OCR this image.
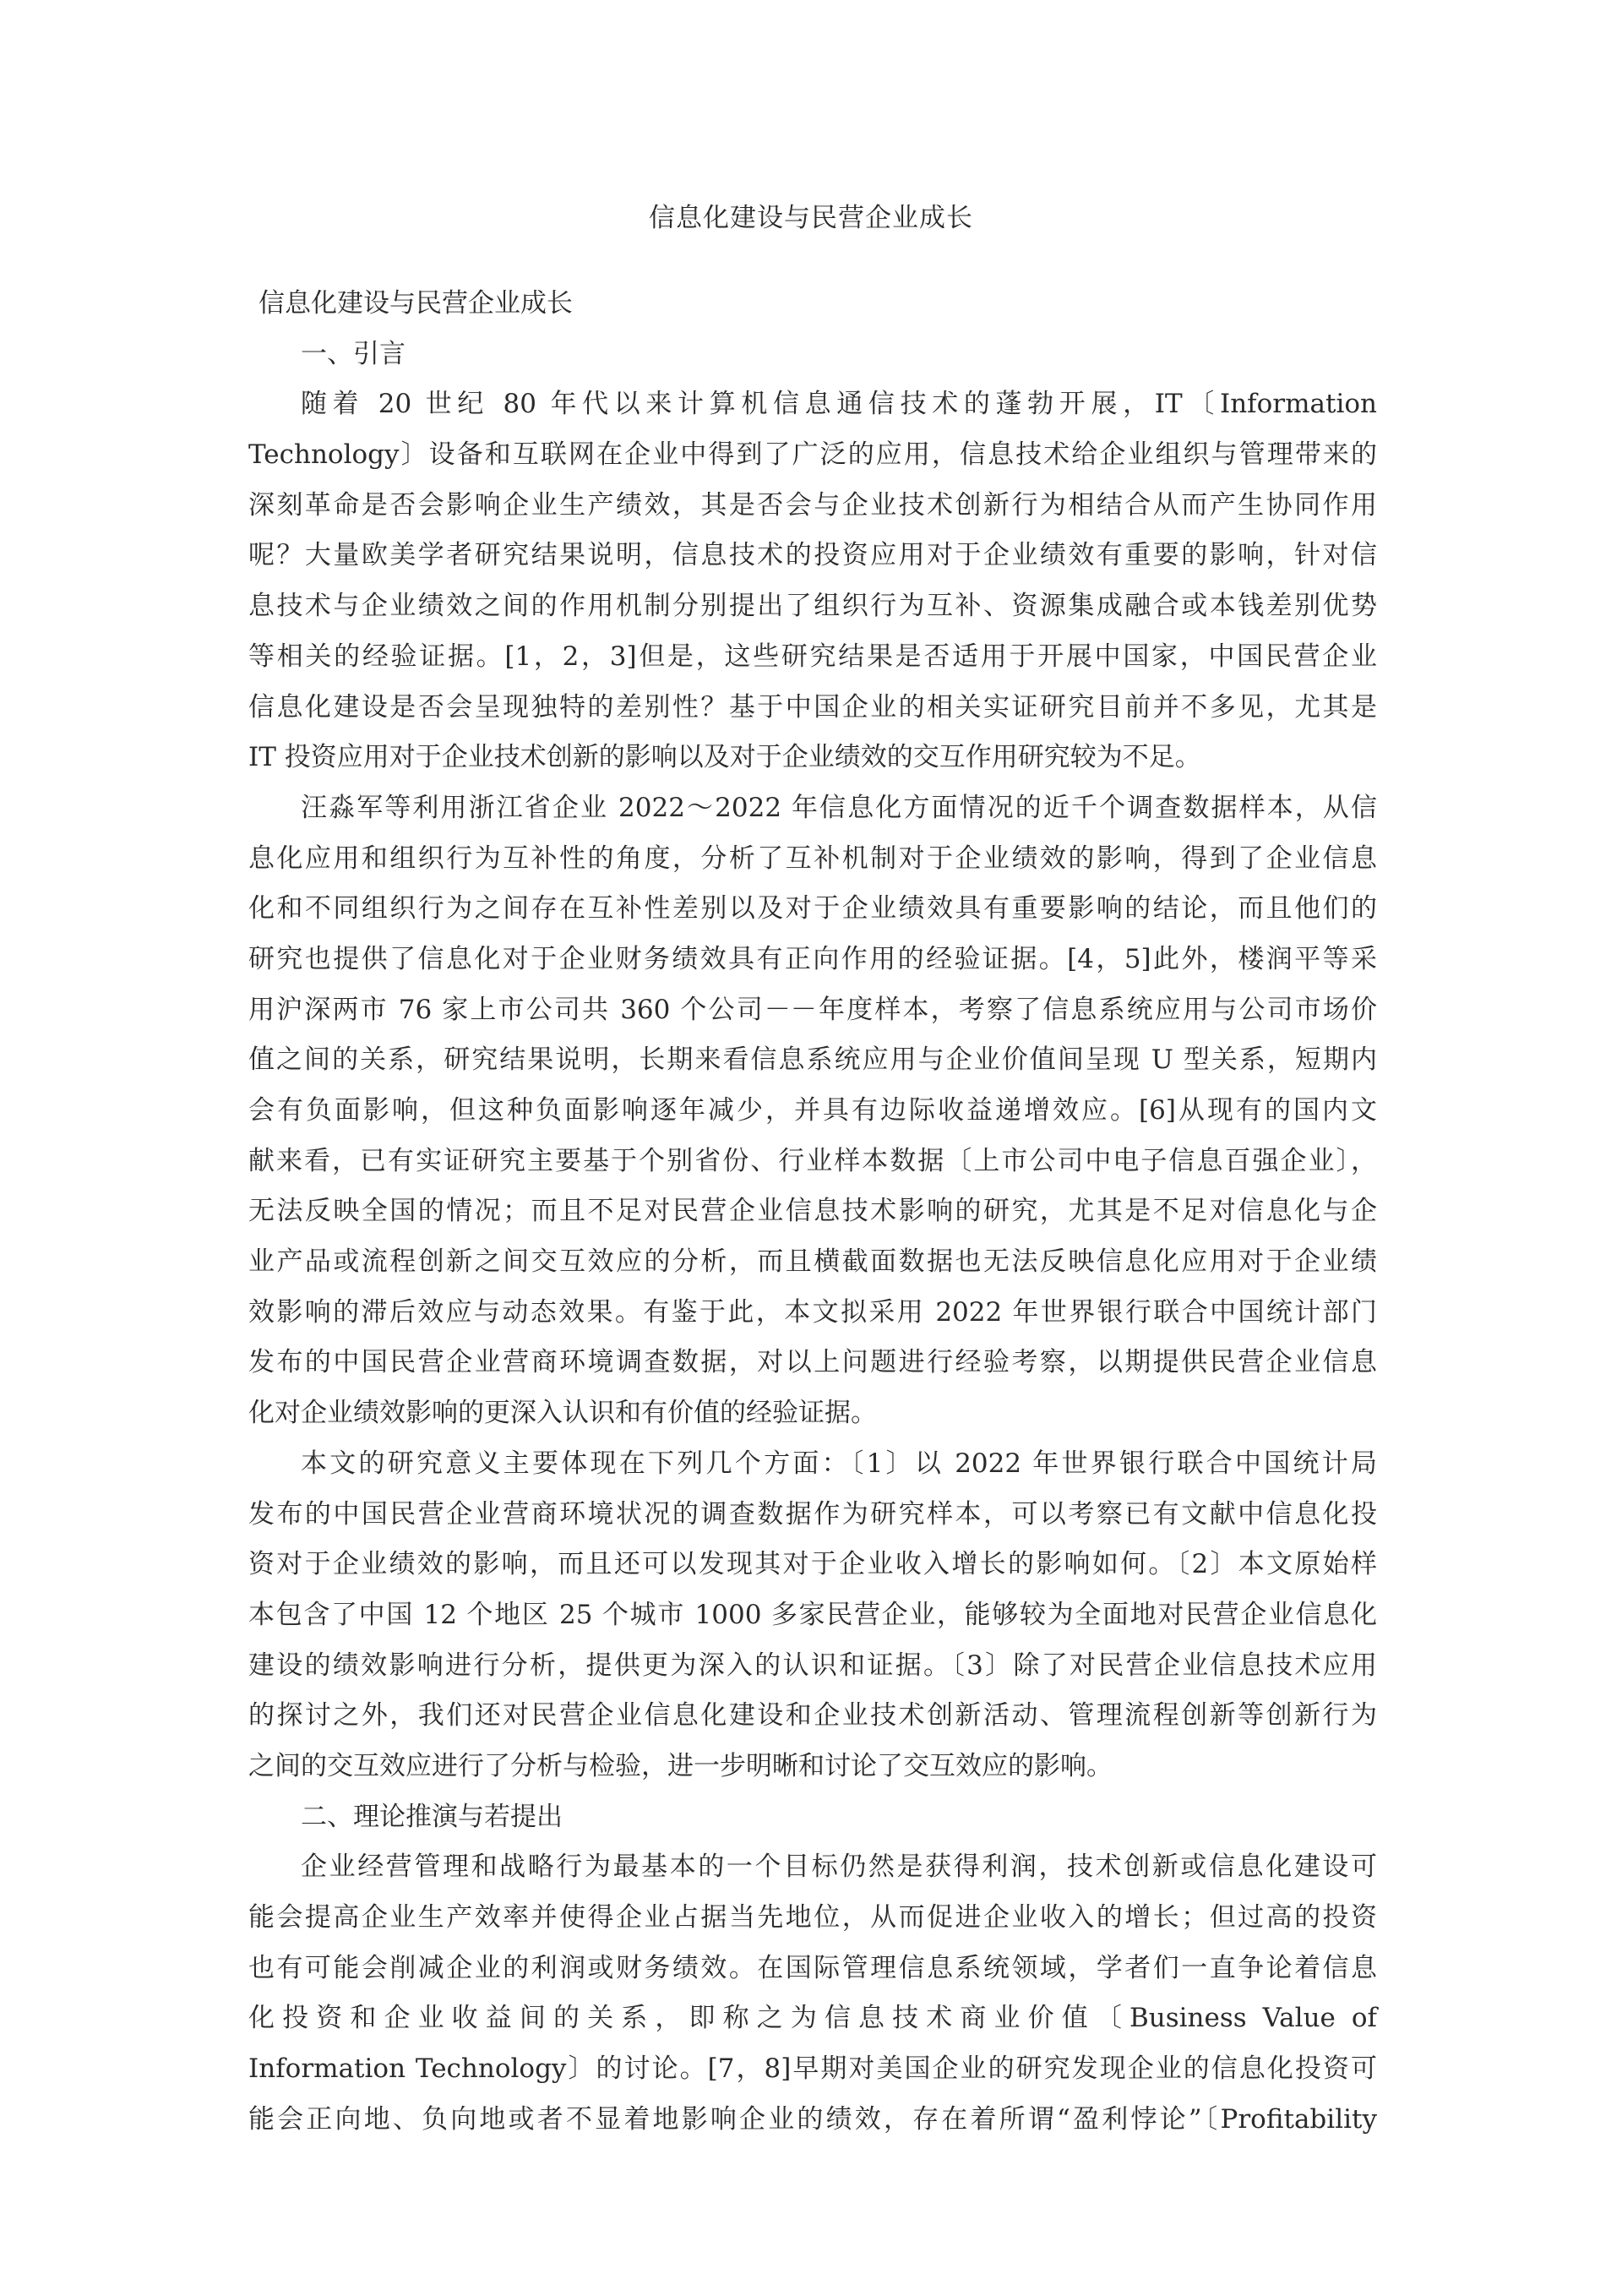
信息化建设与民营企业成长
信息化建设与民营企业成长
一、引言
随着 20 世纪 80 年代以来计算机信息通信技术的蓬勃开展，IT〔Information
Technology〕设备和互联网在企业中得到了广泛的应用，信息技术给企业组织与管理带来的
深刻革命是否会影响企业生产绩效，其是否会与企业技术创新行为相结合从而产生协同作用
呢？大量欧美学者研究结果说明，信息技术的投资应用对于企业绩效有重要的影响，针对信
息技术与企业绩效之间的作用机制分别提出了组织行为互补、资源集成融合或本钱差别优势
等相关的经验证据。[1，2，3]但是，这些研究结果是否适用于开展中国家，中国民营企业
信息化建设是否会呈现独特的差别性？基于中国企业的相关实证研究目前并不多见，尤其是
IT 投资应用对于企业技术创新的影响以及对于企业绩效的交互作用研究较为不足。
汪淼军等利用浙江省企业 2022～2022 年信息化方面情况的近千个调查数据样本，从信
息化应用和组织行为互补性的角度，分析了互补机制对于企业绩效的影响，得到了企业信息
化和不同组织行为之间存在互补性差别以及对于企业绩效具有重要影响的结论，而且他们的
研究也提供了信息化对于企业财务绩效具有正向作用的经验证据。[4，5]此外，楼润平等采
用沪深两市 76 家上市公司共 360 个公司－－年度样本，考察了信息系统应用与公司市场价
值之间的关系，研究结果说明，长期来看信息系统应用与企业价值间呈现 U 型关系，短期内
会有负面影响，但这种负面影响逐年减少，并具有边际收益递增效应。[6]从现有的国内文
献来看，已有实证研究主要基于个别省份、行业样本数据〔上市公司中电子信息百强企业〕，
无法反映全国的情况；而且不足对民营企业信息技术影响的研究，尤其是不足对信息化与企
业产品或流程创新之间交互效应的分析，而且横截面数据也无法反映信息化应用对于企业绩
效影响的滞后效应与动态效果。有鉴于此，本文拟采用 2022 年世界银行联合中国统计部门
发布的中国民营企业营商环境调查数据，对以上问题进行经验考察，以期提供民营企业信息
化对企业绩效影响的更深入认识和有价值的经验证据。
本文的研究意义主要体现在下列几个方面：〔1〕以 2022 年世界银行联合中国统计局
发布的中国民营企业营商环境状况的调查数据作为研究样本，可以考察已有文献中信息化投
资对于企业绩效的影响，而且还可以发现其对于企业收入增长的影响如何。〔2〕本文原始样
本包含了中国 12 个地区 25 个城市 1000 多家民营企业，能够较为全面地对民营企业信息化
建设的绩效影响进行分析，提供更为深入的认识和证据。〔3〕除了对民营企业信息技术应用
的探讨之外，我们还对民营企业信息化建设和企业技术创新活动、管理流程创新等创新行为
之间的交互效应进行了分析与检验，进一步明晰和讨论了交互效应的影响。
二、理论推演与若提出
企业经营管理和战略行为最基本的一个目标仍然是获得利润，技术创新或信息化建设可
能会提高企业生产效率并使得企业占据当先地位，从而促进企业收入的增长；但过高的投资
也有可能会削减企业的利润或财务绩效。在国际管理信息系统领域，学者们一直争论着信息
化投资和企业收益间的关系，即称之为信息技术商业价值〔Business Value of
Information Technology〕的讨论。[7，8]早期对美国企业的研究发现企业的信息化投资可
能会正向地、负向地或者不显着地影响企业的绩效，存在着所谓“盈利悖论”〔Profitability
